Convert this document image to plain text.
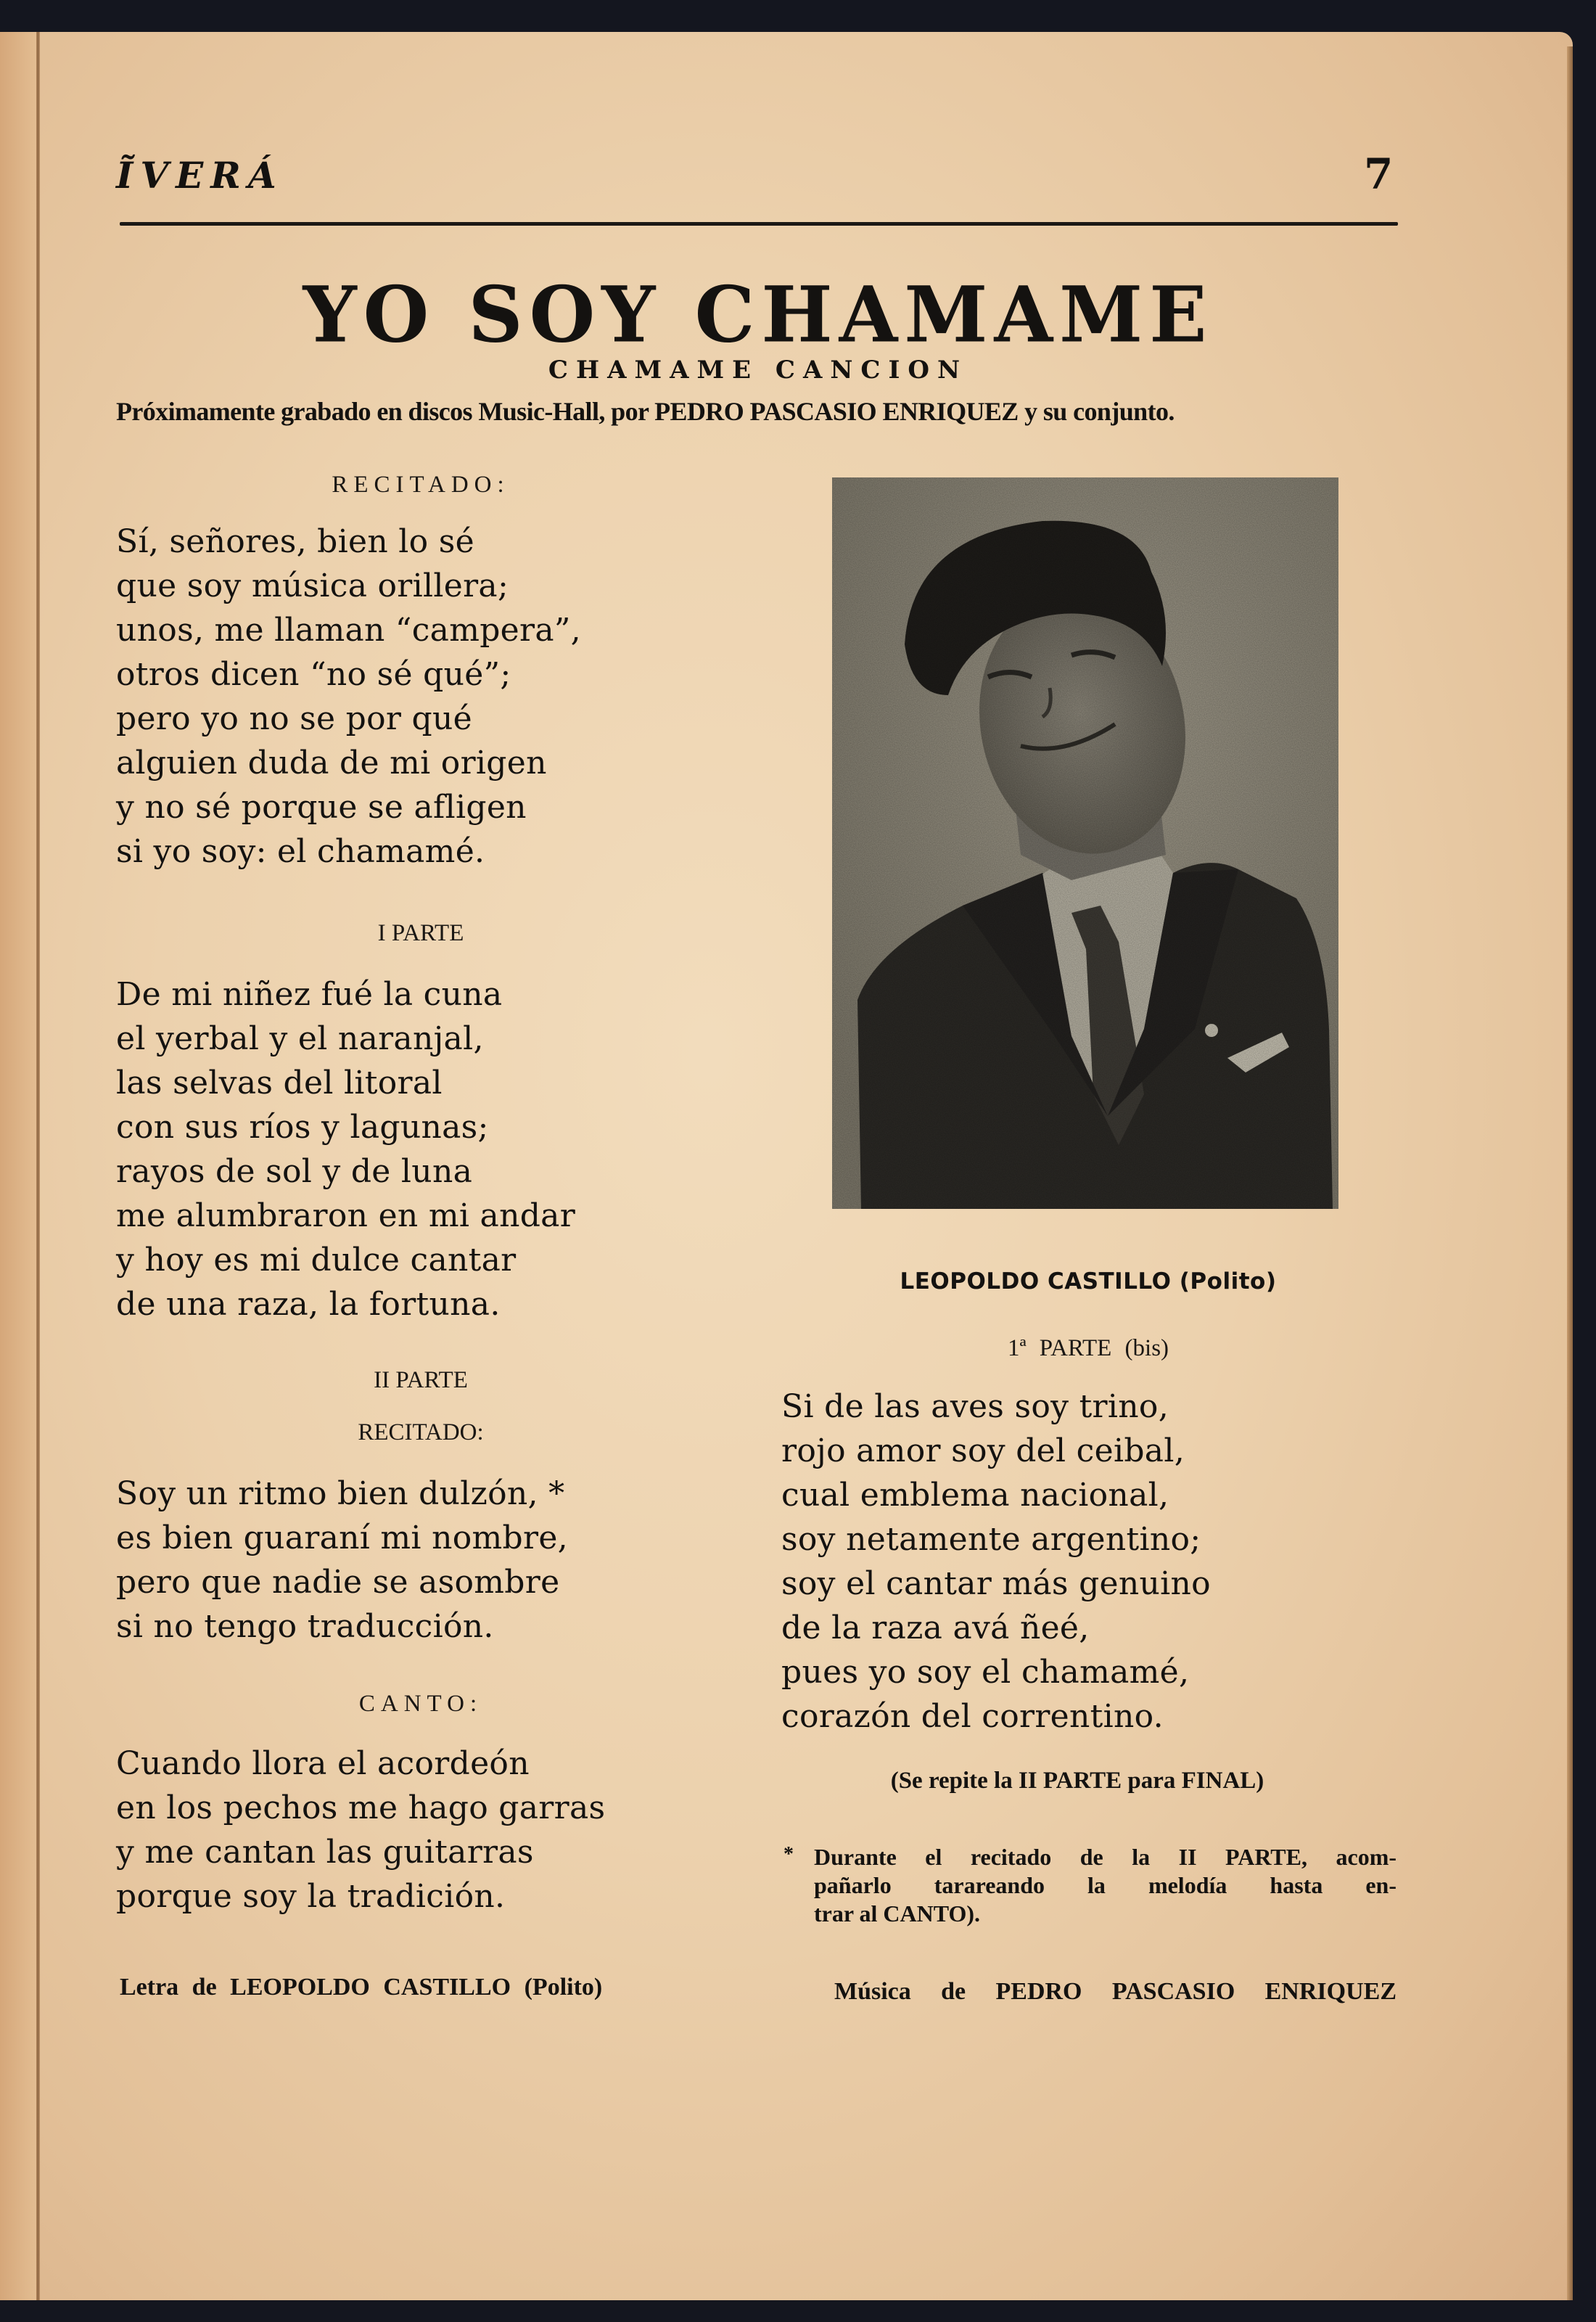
ĨVERÁ	7
YO SOY CHAMAME
CHAMAME CANCION
Próximamente grabado en discos Music-Hall, por PEDRO PASCASIO ENRIQUEZ y su conjunto.
RECITADO:
Sí, señores, bien lo sé
que soy música orillera;
unos, me llaman “campera”,
otros dicen “no sé qué”;
pero yo no se por qué
alguien duda de mi origen
y no sé porque se afligen
si yo soy: el chamamé.
I PARTE
De mi niñez fué la cuna
el yerbal y el naranjal,
las selvas del litoral
con sus ríos y lagunas;
rayos de sol y de luna
me alumbraron en mi andar
y hoy es mi dulce cantar
de una raza, la fortuna.
II PARTE
RECITADO:
Soy un ritmo bien dulzón, *
es bien guaraní mi nombre,
pero que nadie se asombre
si no tengo traducción.
CANTO:
Cuando llora el acordeón
en los pechos me hago garras
y me cantan las guitarras
porque soy la tradición.
Letra de LEOPOLDO CASTILLO (Polito)
LEOPOLDO CASTILLO (Polito)
1ª PARTE (bis)
Si de las aves soy trino,
rojo amor soy del ceibal,
cual emblema nacional,
soy netamente argentino;
soy el cantar más genuino
de la raza avá ñeé,
pues yo soy el chamamé,
corazón del correntino.
(Se repite la II PARTE para FINAL)
* Durante el recitado de la II PARTE, acom-
pañarlo tarareando la melodía hasta en-
trar al CANTO).
Música de PEDRO PASCASIO ENRIQUEZ
